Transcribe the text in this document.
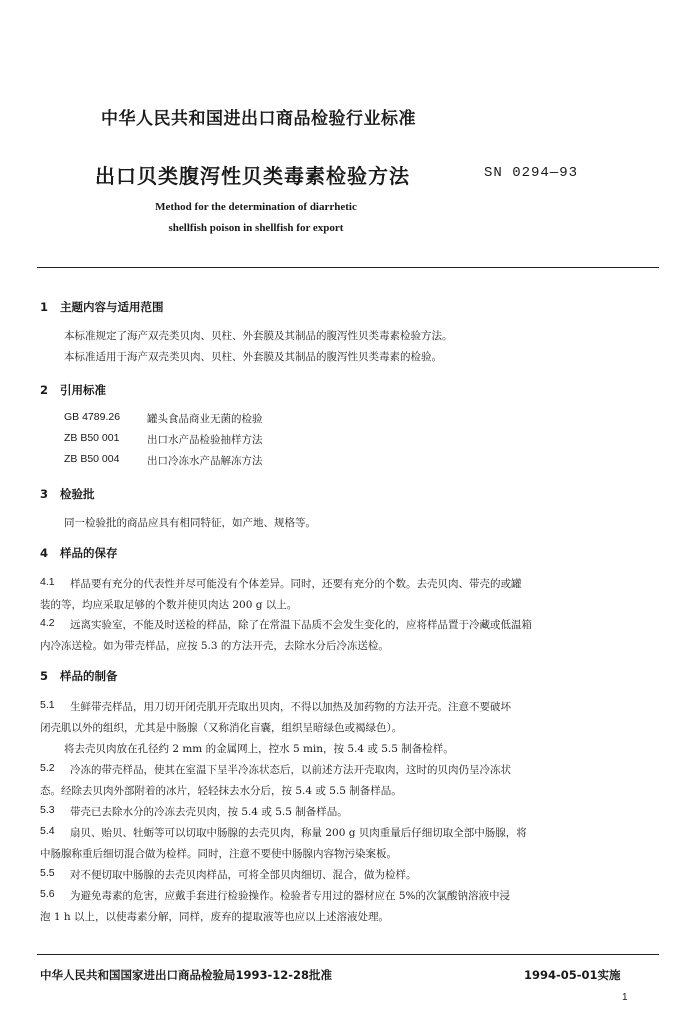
中华人民共和国进出口商品检验行业标准
出口贝类腹泻性贝类毒素检验方法	SN 0294—93
Method for the determination of diarrhetic
shellfish poison in shellfish for export
1 主题内容与适用范围
本标准规定了海产双壳类贝肉、贝柱、外套膜及其制品的腹泻性贝类毒素检验方法。
本标准适用于海产双壳类贝肉、贝柱、外套膜及其制品的腹泻性贝类毒素的检验。
2 引用标准
GB 4789.26	罐头食品商业无菌的检验
ZB B50 001	出口水产品检验抽样方法
ZB B50 004	出口冷冻水产品解冻方法
3 检验批
同一检验批的商品应具有相同特征，如产地、规格等。
4 样品的保存
4.1 样品要有充分的代表性并尽可能没有个体差异。同时，还要有充分的个数。去壳贝肉、带壳的或罐
装的等，均应采取足够的个数并使贝肉达 200 g 以上。
4.2 远离实验室，不能及时送检的样品，除了在常温下品质不会发生变化的，应将样品置于冷藏或低温箱
内冷冻送检。如为带壳样品，应按 5.3 的方法开壳，去除水分后冷冻送检。
5 样品的制备
5.1 生鲜带壳样品，用刀切开闭壳肌开壳取出贝肉，不得以加热及加药物的方法开壳。注意不要破坏
闭壳肌以外的组织，尤其是中肠腺（又称消化盲囊，组织呈暗绿色或褐绿色）。
将去壳贝肉放在孔径约 2 mm 的金属网上，控水 5 min，按 5.4 或 5.5 制备检样。
5.2 冷冻的带壳样品，使其在室温下呈半冷冻状态后，以前述方法开壳取肉，这时的贝肉仍呈冷冻状
态。经除去贝肉外部附着的冰片，轻轻抹去水分后，按 5.4 或 5.5 制备样品。
5.3 带壳已去除水分的冷冻去壳贝肉，按 5.4 或 5.5 制备样品。
5.4 扇贝、贻贝、牡蛎等可以切取中肠腺的去壳贝肉，称量 200 g 贝肉重量后仔细切取全部中肠腺，将
中肠腺称重后细切混合做为检样。同时，注意不要使中肠腺内容物污染案板。
5.5 对不便切取中肠腺的去壳贝肉样品，可将全部贝肉细切、混合，做为检样。
5.6 为避免毒素的危害，应戴手套进行检验操作。检验者专用过的器材应在 5%的次氯酸钠溶液中浸
泡 1 h 以上，以使毒素分解，同样，废弃的提取液等也应以上述溶液处理。
中华人民共和国国家进出口商品检验局1993-12-28批准	1994-05-01实施
1
